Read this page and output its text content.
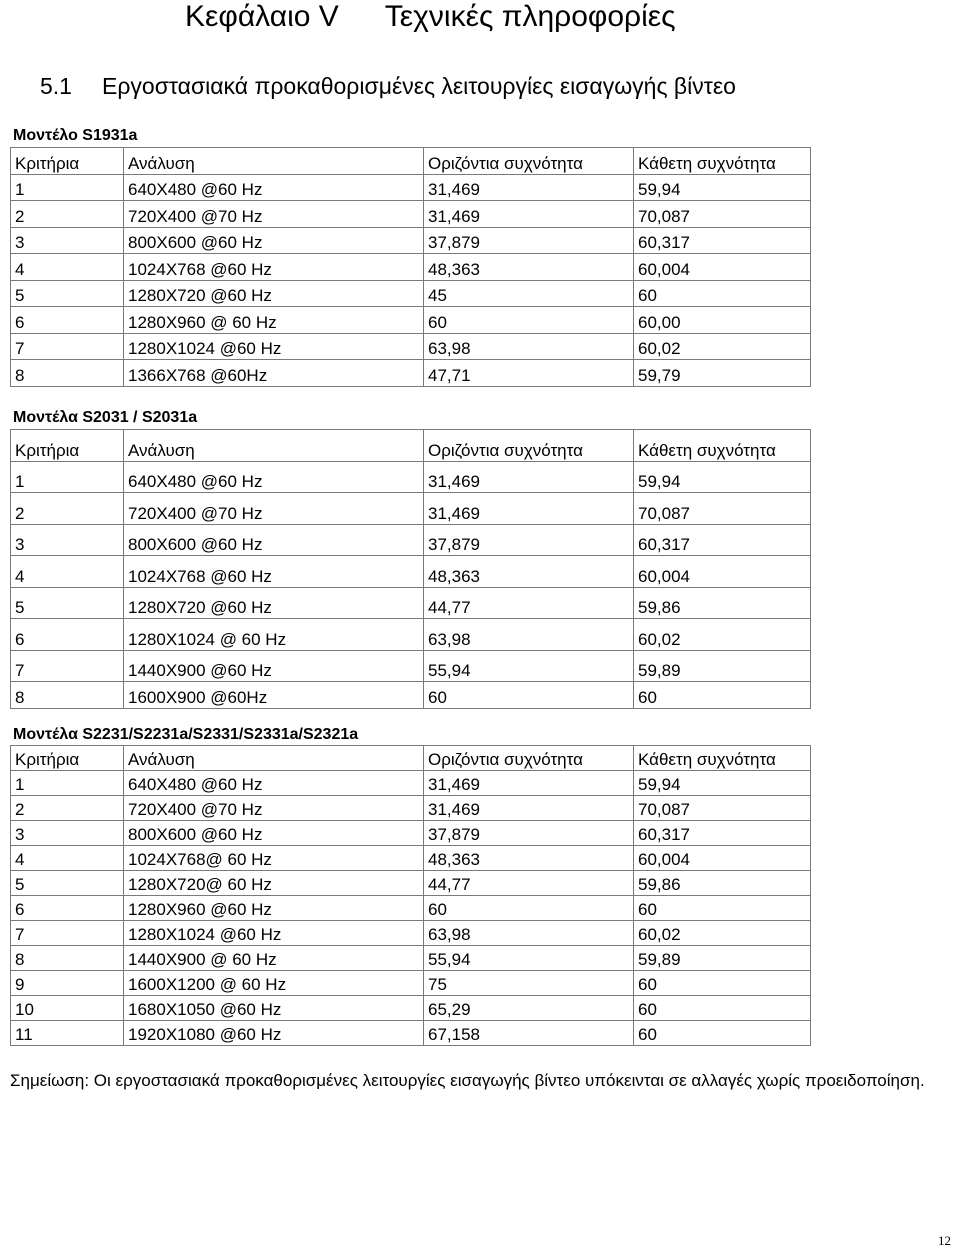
Κεφάλαιο V Τεχνικές πληροφορίες
5.1 Εργοστασιακά προκαθορισμένες λειτουργίες εισαγωγής βίντεο
Μοντέλο S1931a
Κριτήρια	Ανάλυση	Οριζόντια συχνότητα	Κάθετη συχνότητα
1	640X480 @60 Hz	31,469	59,94
2	720X400 @70 Hz	31,469	70,087
3	800X600 @60 Hz	37,879	60,317
4	1024X768 @60 Hz	48,363	60,004
5	1280X720 @60 Hz	45	60
6	1280X960 @ 60 Hz	60	60,00
7	1280X1024 @60 Hz	63,98	60,02
8	1366X768 @60Hz	47,71	59,79
Μοντέλα S2031 / S2031a
Κριτήρια	Ανάλυση	Οριζόντια συχνότητα	Κάθετη συχνότητα
1	640X480 @60 Hz	31,469	59,94
2	720X400 @70 Hz	31,469	70,087
3	800X600 @60 Hz	37,879	60,317
4	1024X768 @60 Hz	48,363	60,004
5	1280X720 @60 Hz	44,77	59,86
6	1280X1024 @ 60 Hz	63,98	60,02
7	1440X900 @60 Hz	55,94	59,89
8	1600X900 @60Hz	60	60
Μοντέλα S2231/S2231a/S2331/S2331a/S2321a
Κριτήρια	Ανάλυση	Οριζόντια συχνότητα	Κάθετη συχνότητα
1	640X480 @60 Hz	31,469	59,94
2	720X400 @70 Hz	31,469	70,087
3	800X600 @60 Hz	37,879	60,317
4	1024X768@ 60 Hz	48,363	60,004
5	1280X720@ 60 Hz	44,77	59,86
6	1280X960 @60 Hz	60	60
7	1280X1024 @60 Hz	63,98	60,02
8	1440X900 @ 60 Hz	55,94	59,89
9	1600X1200 @ 60 Hz	75	60
10	1680X1050 @60 Hz	65,29	60
11	1920X1080 @60 Hz	67,158	60
Σημείωση: Οι εργοστασιακά προκαθορισμένες λειτουργίες εισαγωγής βίντεο υπόκεινται σε αλλαγές χωρίς προειδοποίηση.
12
